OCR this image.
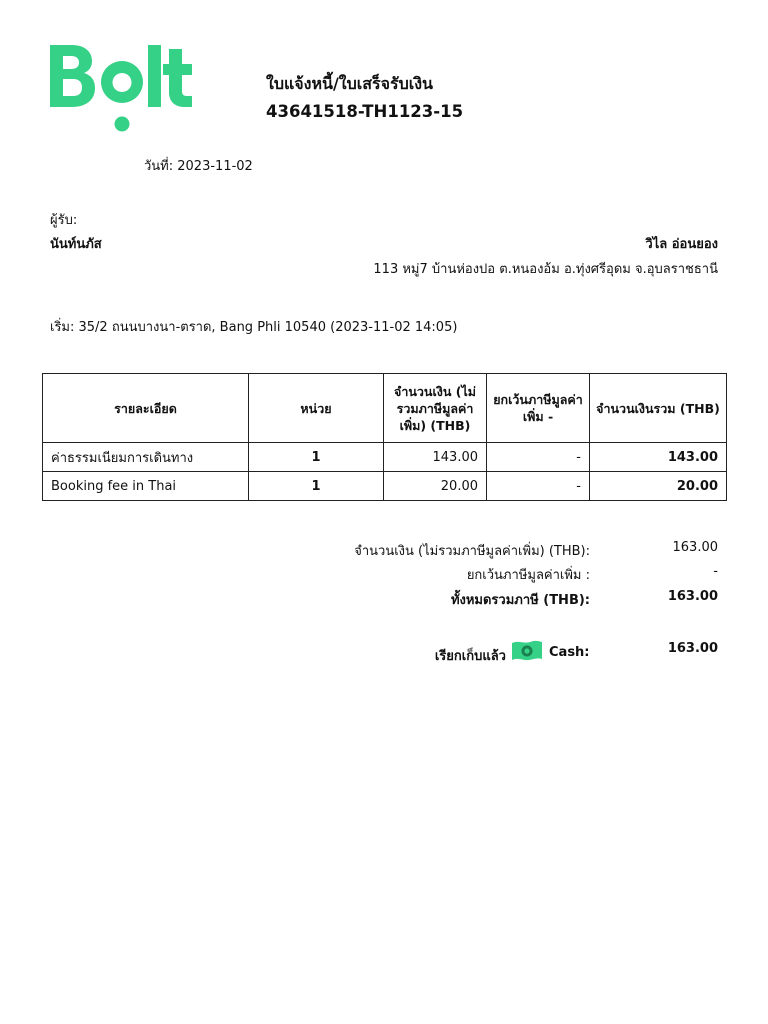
ใบแจ้งหนี้/ใบเสร็จรับเงิน
43641518-TH1123-15
วันที่: 2023-11-02
ผู้รับ:
นันท์นภัส	วิไล อ่อนยอง
113 หมู่7 บ้านห่องปอ ต.หนองอ้ม อ.ทุ่งศรีอุดม จ.อุบลราชธานี
เริ่ม: 35/2 ถนนบางนา-ตราด, Bang Phli 10540 (2023-11-02 14:05)
รายละเอียด	หน่วย	จำนวนเงิน (ไม่รวมภาษีมูลค่าเพิ่ม) (THB)	ยกเว้นภาษีมูลค่าเพิ่ม -	จำนวนเงินรวม (THB)
ค่าธรรมเนียมการเดินทาง	1	143.00	-	143.00
Booking fee in Thai	1	20.00	-	20.00
จำนวนเงิน (ไม่รวมภาษีมูลค่าเพิ่ม) (THB):	163.00
ยกเว้นภาษีมูลค่าเพิ่ม :	-
ทั้งหมดรวมภาษี (THB):	163.00
เรียกเก็บแล้ว	Cash:	163.00
